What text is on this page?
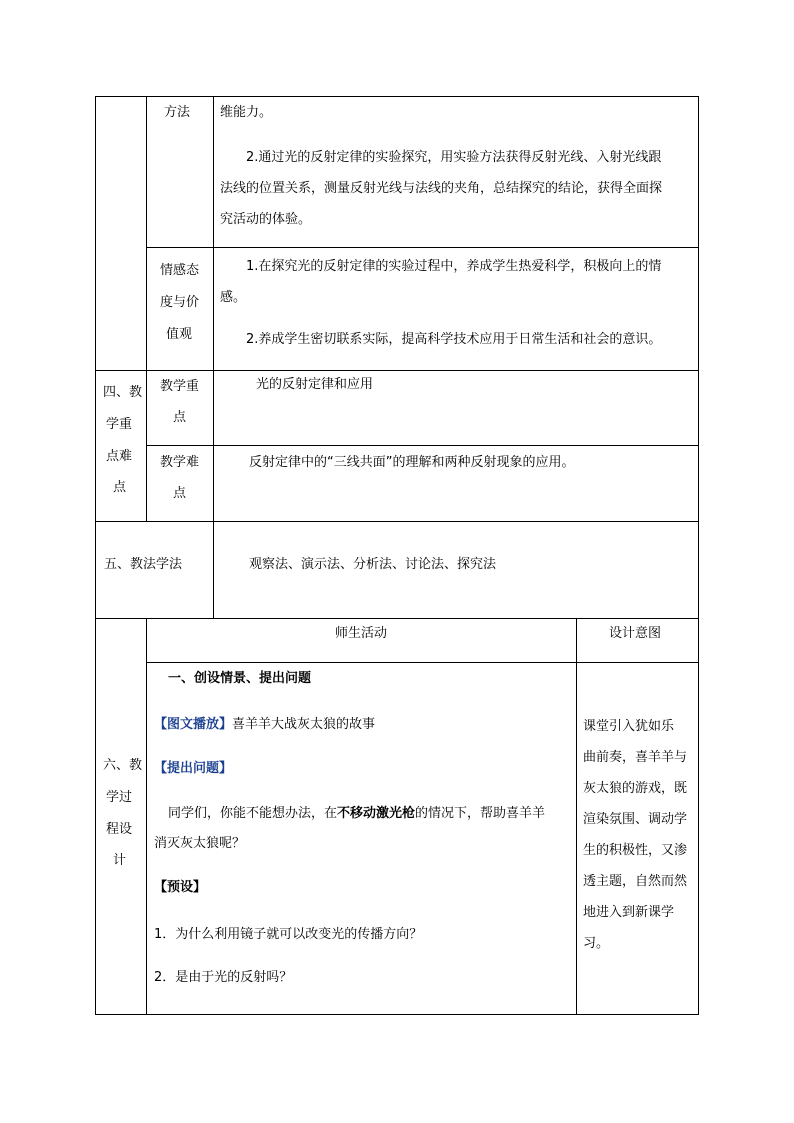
方法 维能力。
2.通过光的反射定律的实验探究，用实验方法获得反射光线、入射光线跟
法线的位置关系，测量反射光线与法线的夹角，总结探究的结论，获得全面探
究活动的体验。
情感态
度与价
值观
1.在探究光的反射定律的实验过程中，养成学生热爱科学，积极向上的情
感。
2.养成学生密切联系实际，提高科学技术应用于日常生活和社会的意识。
四、教
学重
点难
点
教学重
点
光的反射定律和应用
教学难
点
反射定律中的“三线共面”的理解和两种反射现象的应用。
五、教法学法	观察法、演示法、分析法、讨论法、探究法
六、教
学过
程设
计
师生活动	设计意图
一、创设情景、提出问题
【图文播放】喜羊羊大战灰太狼的故事
【提出问题】
同学们，你能不能想办法，在不移动激光枪的情况下，帮助喜羊羊
消灭灰太狼呢？
【预设】
1．为什么利用镜子就可以改变光的传播方向？
2．是由于光的反射吗？
课堂引入犹如乐
曲前奏，喜羊羊与
灰太狼的游戏，既
渲染氛围、调动学
生的积极性，又渗
透主题，自然而然
地进入到新课学
习。
